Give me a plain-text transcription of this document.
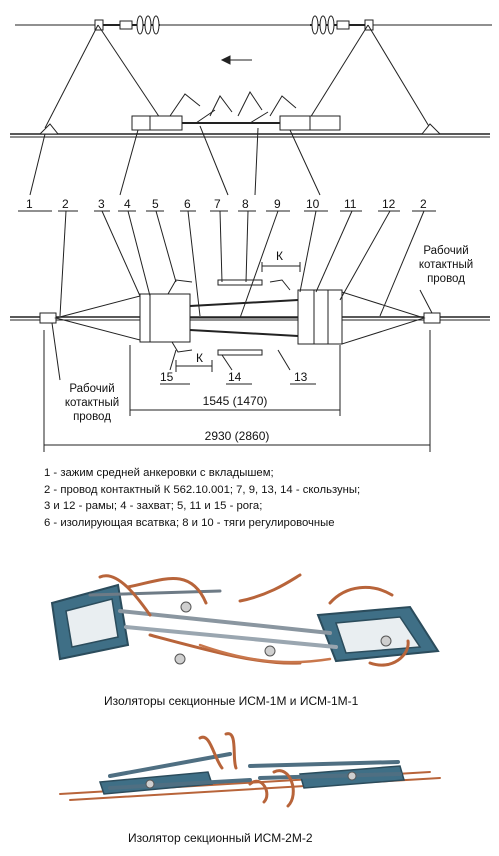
1 2 3 4 5 6 7 8 9 10 11 12 2
15	14	13
К
К
Рабочий
котактный
провод
Рабочий
котактный
провод
1545 (1470)
2930 (2860)
1 - зажим средней анкеровки с вкладышем;
2 - провод контактный К 562.10.001; 7, 9, 13, 14 - скользуны;
3 и 12 - рамы; 4 - захват; 5, 11 и 15 - рога;
6 - изолирующая всатвка; 8 и 10 - тяги регулировочные
Изоляторы секционные ИСМ-1М и ИСМ-1М-1
Изолятор секционный ИСМ-2М-2
